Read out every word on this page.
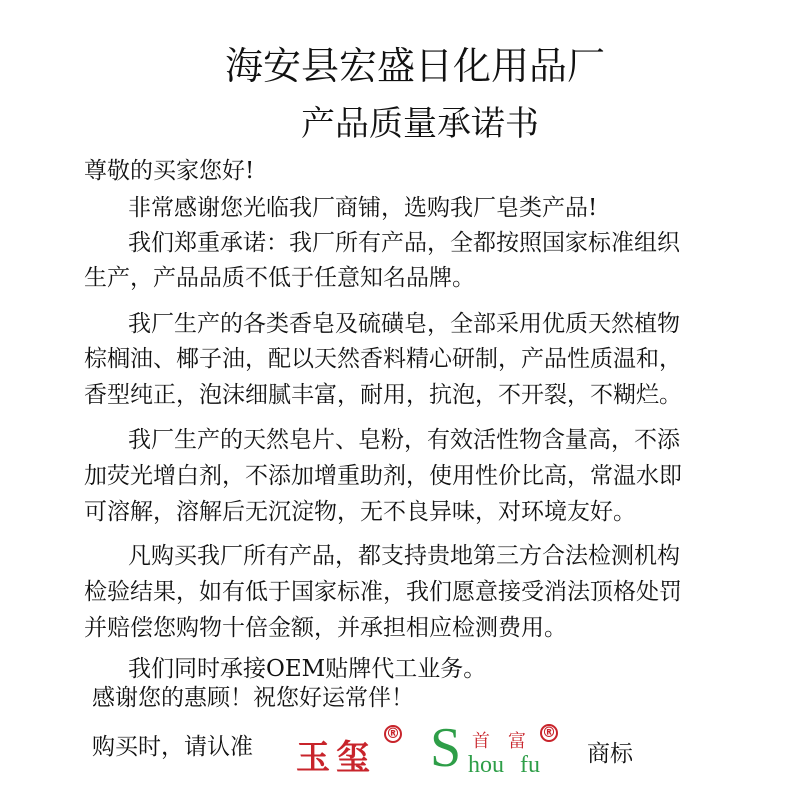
海安县宏盛日化用品厂
产品质量承诺书
尊敬的买家您好!
非常感谢您光临我厂商铺，选购我厂皂类产品!
我们郑重承诺：我厂所有产品，全都按照国家标准组织
生产，产品品质不低于任意知名品牌。
我厂生产的各类香皂及硫磺皂，全部采用优质天然植物
棕榈油、椰子油，配以天然香料精心研制，产品性质温和，
香型纯正，泡沫细腻丰富，耐用，抗泡，不开裂，不糊烂。
我厂生产的天然皂片、皂粉，有效活性物含量高，不添
加荧光增白剂，不添加增重助剂，使用性价比高，常温水即
可溶解，溶解后无沉淀物，无不良异味，对环境友好。
凡购买我厂所有产品，都支持贵地第三方合法检测机构
检验结果，如有低于国家标准，我们愿意接受消法顶格处罚
并赔偿您购物十倍金额，并承担相应检测费用。
我们同时承接OEM贴牌代工业务。
感谢您的惠顾！祝您好运常伴！
购买时，请认准 玉玺
® S 首富
hou fu
®
商标
